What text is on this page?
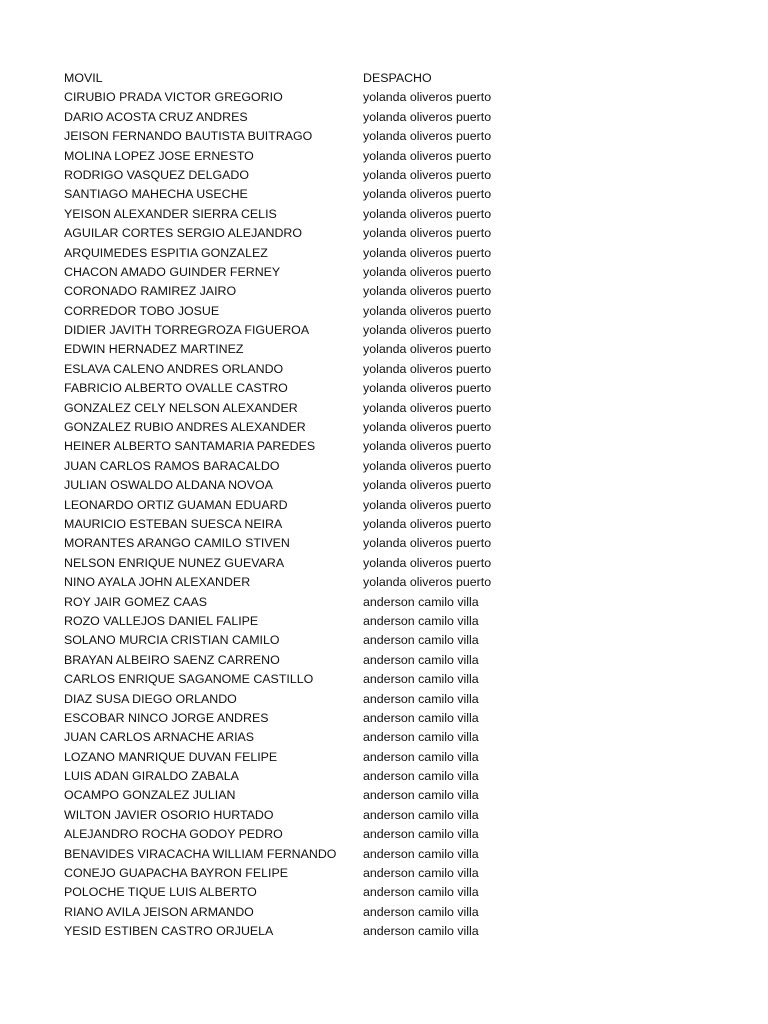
MOVIL	DESPACHO
CIRUBIO PRADA VICTOR GREGORIO	yolanda oliveros puerto
DARIO ACOSTA CRUZ ANDRES	yolanda oliveros puerto
JEISON FERNANDO BAUTISTA BUITRAGO	yolanda oliveros puerto
MOLINA LOPEZ JOSE ERNESTO	yolanda oliveros puerto
RODRIGO VASQUEZ DELGADO	yolanda oliveros puerto
SANTIAGO MAHECHA USECHE	yolanda oliveros puerto
YEISON ALEXANDER SIERRA CELIS	yolanda oliveros puerto
AGUILAR CORTES SERGIO ALEJANDRO	yolanda oliveros puerto
ARQUIMEDES ESPITIA GONZALEZ	yolanda oliveros puerto
CHACON AMADO GUINDER FERNEY	yolanda oliveros puerto
CORONADO RAMIREZ JAIRO	yolanda oliveros puerto
CORREDOR TOBO JOSUE	yolanda oliveros puerto
DIDIER JAVITH TORREGROZA FIGUEROA	yolanda oliveros puerto
EDWIN HERNADEZ MARTINEZ	yolanda oliveros puerto
ESLAVA CALENO ANDRES ORLANDO	yolanda oliveros puerto
FABRICIO ALBERTO OVALLE CASTRO	yolanda oliveros puerto
GONZALEZ CELY NELSON ALEXANDER	yolanda oliveros puerto
GONZALEZ RUBIO ANDRES ALEXANDER	yolanda oliveros puerto
HEINER ALBERTO SANTAMARIA PAREDES	yolanda oliveros puerto
JUAN CARLOS RAMOS BARACALDO	yolanda oliveros puerto
JULIAN OSWALDO ALDANA NOVOA	yolanda oliveros puerto
LEONARDO ORTIZ GUAMAN EDUARD	yolanda oliveros puerto
MAURICIO ESTEBAN SUESCA NEIRA	yolanda oliveros puerto
MORANTES ARANGO CAMILO STIVEN	yolanda oliveros puerto
NELSON ENRIQUE NUNEZ GUEVARA	yolanda oliveros puerto
NINO AYALA JOHN ALEXANDER	yolanda oliveros puerto
ROY JAIR GOMEZ CAAS	anderson camilo villa
ROZO VALLEJOS DANIEL FALIPE	anderson camilo villa
SOLANO MURCIA CRISTIAN CAMILO	anderson camilo villa
BRAYAN ALBEIRO SAENZ CARRENO	anderson camilo villa
CARLOS ENRIQUE SAGANOME CASTILLO	anderson camilo villa
DIAZ SUSA DIEGO ORLANDO	anderson camilo villa
ESCOBAR NINCO JORGE ANDRES	anderson camilo villa
JUAN CARLOS ARNACHE ARIAS	anderson camilo villa
LOZANO MANRIQUE DUVAN FELIPE	anderson camilo villa
LUIS ADAN GIRALDO ZABALA	anderson camilo villa
OCAMPO GONZALEZ JULIAN	anderson camilo villa
WILTON JAVIER OSORIO HURTADO	anderson camilo villa
ALEJANDRO ROCHA GODOY PEDRO	anderson camilo villa
BENAVIDES VIRACACHA WILLIAM FERNANDO	anderson camilo villa
CONEJO GUAPACHA BAYRON FELIPE	anderson camilo villa
POLOCHE TIQUE LUIS ALBERTO	anderson camilo villa
RIANO AVILA JEISON ARMANDO	anderson camilo villa
YESID ESTIBEN CASTRO ORJUELA	anderson camilo villa
